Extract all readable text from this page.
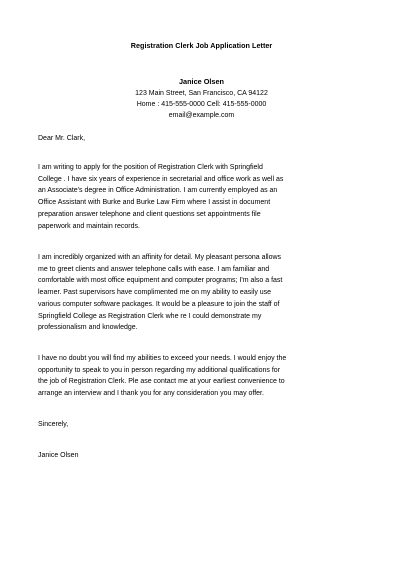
Registration Clerk Job Application Letter
Janice Olsen
123 Main Street, San Francisco, CA 94122
Home : 415-555-0000 Cell: 415-555-0000
email@example.com
Dear Mr. Clark,
I am writing to apply for the position of Registration Clerk with Springfield
College . I have six years of experience in secretarial and office work as well as
an Associate's degree in Office Administration. I am currently employed as an
Office Assistant with Burke and Burke Law Firm where I assist in document
preparation answer telephone and client questions set appointments file
paperwork and maintain records.
I am incredibly organized with an affinity for detail. My pleasant persona allows
me to greet clients and answer telephone calls with ease. I am familiar and
comfortable with most office equipment and computer programs; I'm also a fast
learner. Past supervisors have complimented me on my ability to easily use
various computer software packages. It would be a pleasure to join the staff of
Springfield College as Registration Clerk whe re I could demonstrate my
professionalism and knowledge.
I have no doubt you will find my abilities to exceed your needs. I would enjoy the
opportunity to speak to you in person regarding my additional qualifications for
the job of Registration Clerk. Ple ase contact me at your earliest convenience to
arrange an interview and I thank you for any consideration you may offer.
Sincerely,
Janice Olsen
